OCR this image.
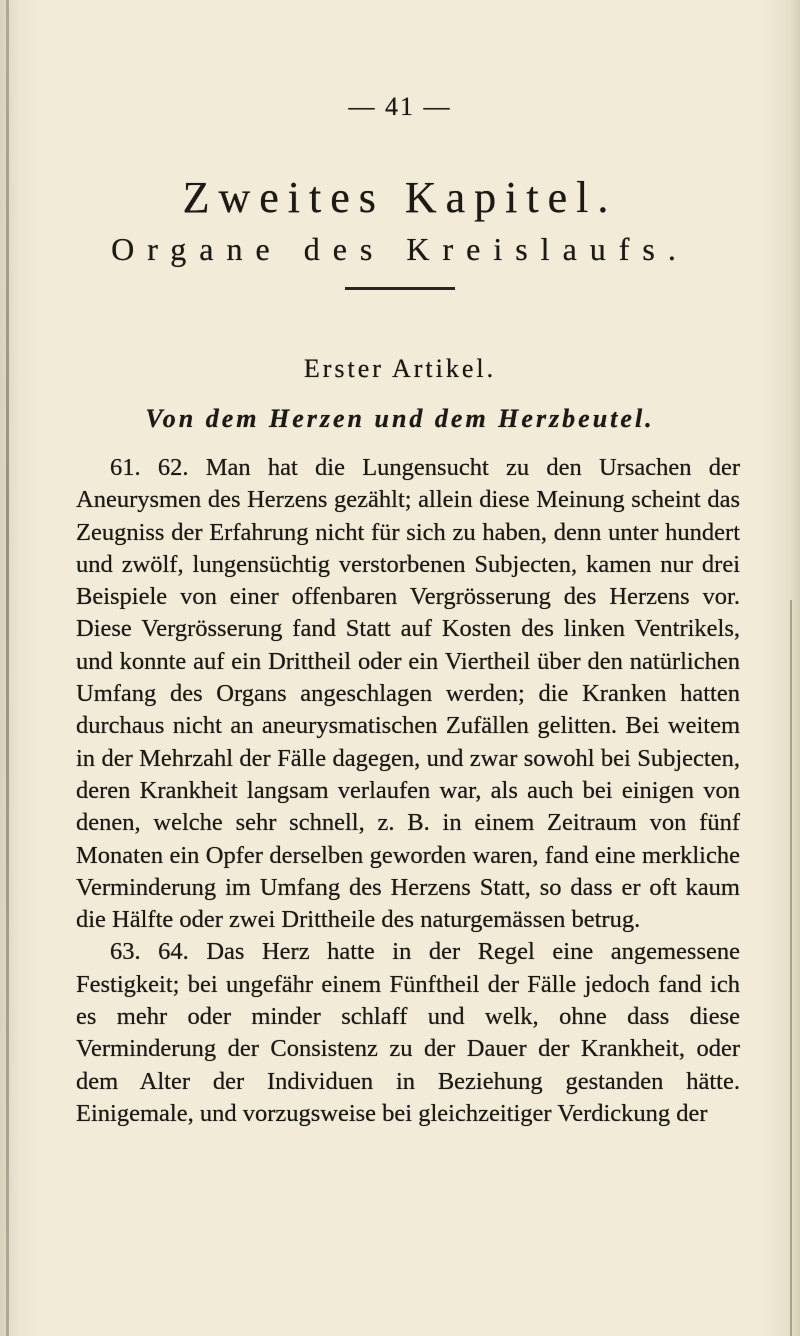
— 41 —
Zweites Kapitel.
Organe des Kreislaufs.
Erster Artikel.
Von dem Herzen und dem Herzbeutel.

61. 62. Man hat die Lungensucht zu den Ursachen der Aneurysmen des Herzens gezählt; allein diese Meinung scheint das Zeugniss der Erfahrung nicht für sich zu haben, denn unter hundert und zwölf, lungensüchtig verstorbenen Subjecten, kamen nur drei Beispiele von einer offenbaren Vergrösserung des Herzens vor. Diese Vergrösserung fand Statt auf Kosten des linken Ventrikels, und konnte auf ein Drittheil oder ein Viertheil über den natürlichen Umfang des Organs angeschlagen werden; die Kranken hatten durchaus nicht an aneurysmatischen Zufällen gelitten. Bei weitem in der Mehrzahl der Fälle dagegen, und zwar sowohl bei Subjecten, deren Krankheit langsam verlaufen war, als auch bei einigen von denen, welche sehr schnell, z. B. in einem Zeitraum von fünf Monaten ein Opfer derselben geworden waren, fand eine merkliche Verminderung im Umfang des Herzens Statt, so dass er oft kaum die Hälfte oder zwei Drittheile des naturgemässen betrug.

63. 64. Das Herz hatte in der Regel eine angemessene Festigkeit; bei ungefähr einem Fünftheil der Fälle jedoch fand ich es mehr oder minder schlaff und welk, ohne dass diese Verminderung der Consistenz zu der Dauer der Krankheit, oder dem Alter der Individuen in Beziehung gestanden hätte. Einigemale, und vorzugsweise bei gleichzeitiger Verdickung der
